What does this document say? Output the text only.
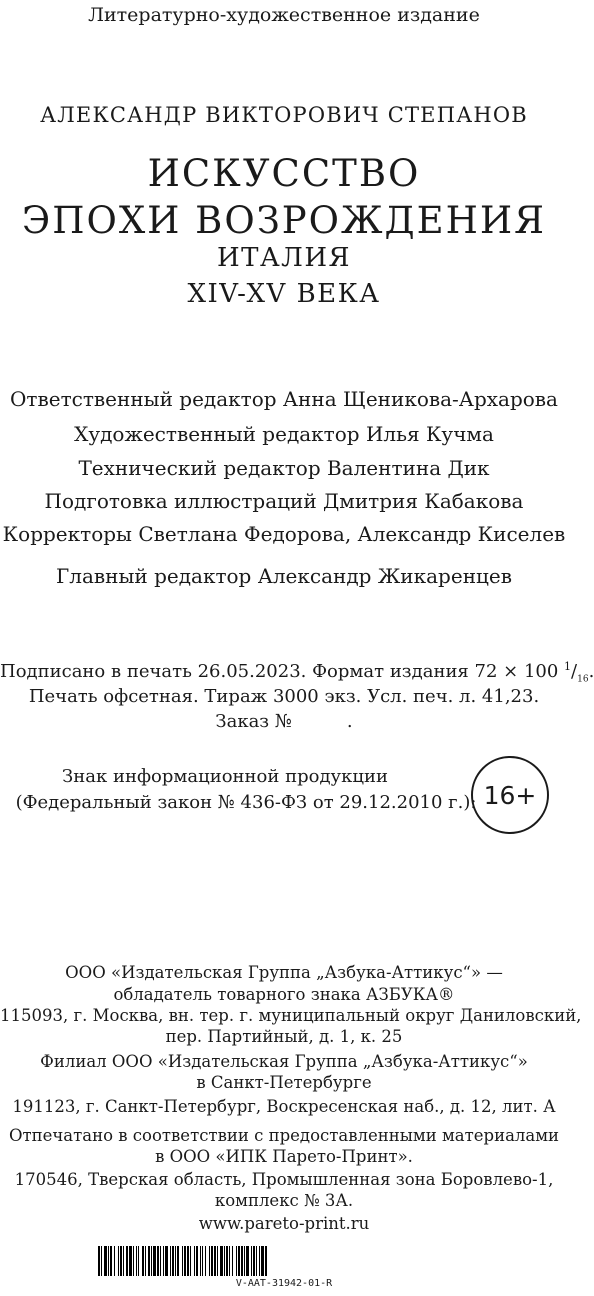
Литературно-художественное издание
АЛЕКСАНДР ВИКТОРОВИЧ СТЕПАНОВ
ИСКУССТВО
ЭПОХИ ВОЗРОЖДЕНИЯ
ИТАЛИЯ
XIV-XV ВЕКА
Ответственный редактор Анна Щеникова-Архарова
Художественный редактор Илья Кучма
Технический редактор Валентина Дик
Подготовка иллюстраций Дмитрия Кабакова
Корректоры Светлана Федорова, Александр Киселев
Главный редактор Александр Жикаренцев
Подписано в печать 26.05.2023. Формат издания 72 × 100 $^1/_{16}$.
Печать офсетная. Тираж 3000 экз. Усл. печ. л. 41,23.
Заказ №	.
Знак информационной продукции
(Федеральный закон № 436-ФЗ от 29.12.2010 г.): 16+
ООО «Издательская Группа „Азбука-Аттикус“» —
обладатель товарного знака АЗБУКА®
115093, г. Москва, вн. тер. г. муниципальный округ Даниловский,
пер. Партийный, д. 1, к. 25
Филиал ООО «Издательская Группа „Азбука-Аттикус“»
в Санкт-Петербурге
191123, г. Санкт-Петербург, Воскресенская наб., д. 12, лит. А
Отпечатано в соответствии с предоставленными материалами
в ООО «ИПК Парето-Принт».
170546, Тверская область, Промышленная зона Боровлево-1,
комплекс № 3А.
www.pareto-print.ru
V-AAT-31942-01-R
